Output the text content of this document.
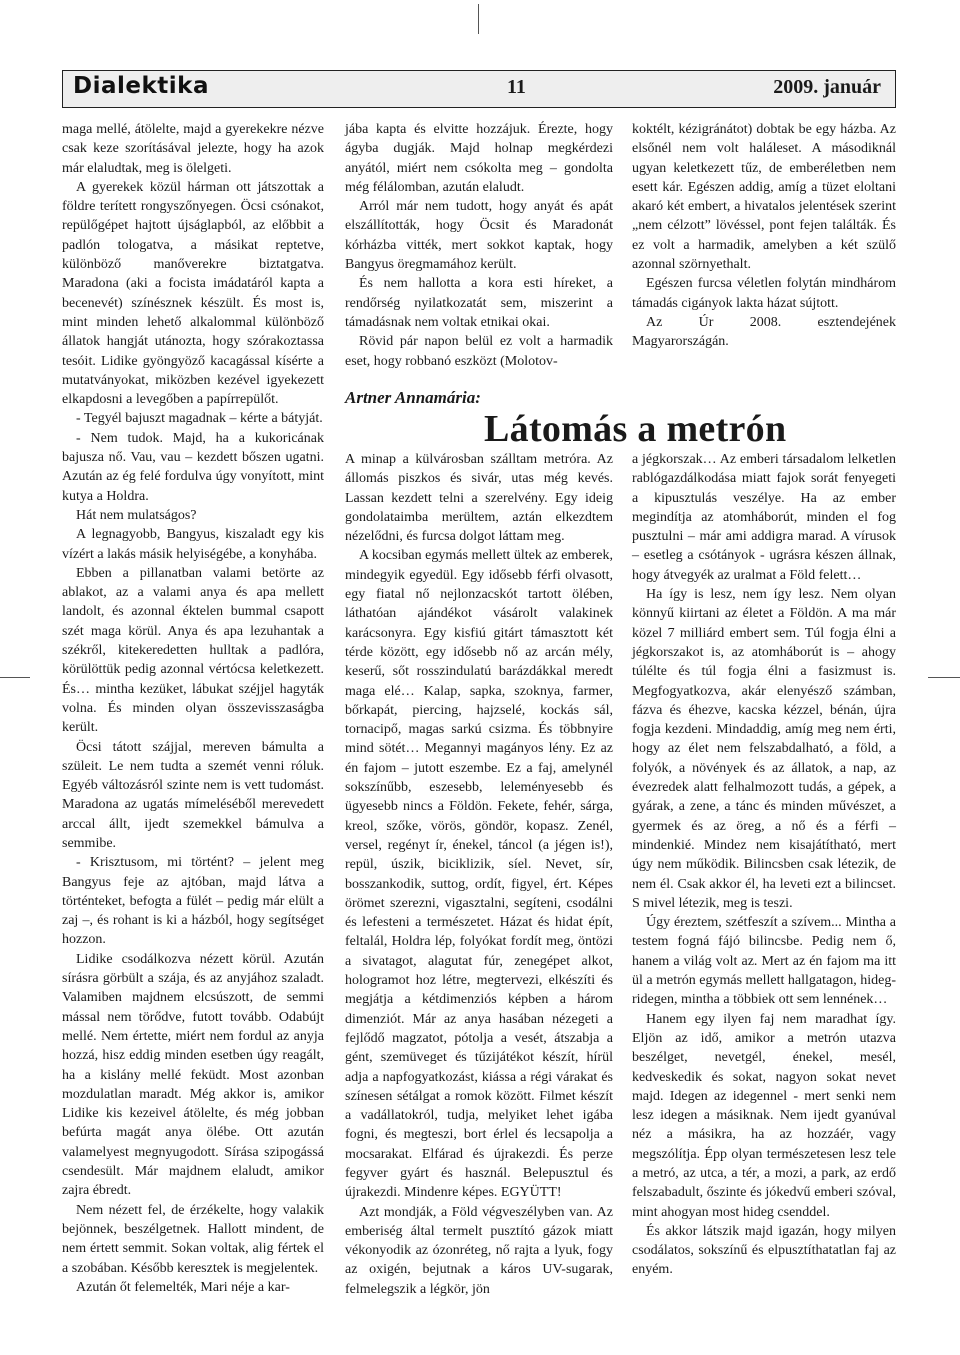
Dialektika	11	2009. január

maga mellé, átölelte, majd a gyerekekre nézve csak keze szorításával jelezte, hogy ha azok már elaludtak, meg is ölelgeti.

A gyerekek közül hárman ott játszottak a földre terített rongyszőnyegen. Öcsi csónakot, repülőgépet hajtott újságlapból, az előbbit a padlón tologatva, a másikat reptetve, különböző manőverekre biztatgatva. Maradona (aki a focista imádatáról kapta a becenevét) színésznek készült. És most is, mint minden lehető alkalommal különböző állatok hangját utánozta, hogy szórakoztassa tesóit. Lidike gyöngyöző kacagással kísérte a mutatványokat, miközben kezével igyekezett elkapdosni a levegőben a papírrepülőt.

- Tegyél bajuszt magadnak – kérte a bátyját.

- Nem tudok. Majd, ha a kukoricának bajusza nő. Vau, vau – kezdett bőszen ugatni. Azután az ég felé fordulva úgy vonyított, mint kutya a Holdra.

Hát nem mulatságos?

A legnagyobb, Bangyus, kiszaladt egy kis vízért a lakás másik helyiségébe, a konyhába.

Ebben a pillanatban valami betörte az ablakot, az a valami anya és apa mellett landolt, és azonnal éktelen bummal csapott szét maga körül. Anya és apa lezuhantak a székről, kitekeredetten hulltak a padlóra, körülöttük pedig azonnal vértócsa keletkezett. És… mintha kezüket, lábukat széjjel hagyták volna. És minden olyan összevisszaságba került.

Öcsi tátott szájjal, mereven bámulta a szüleit. Le nem tudta a szemét venni róluk. Egyéb változásról szinte nem is vett tudomást. Maradona az ugatás mímeléséből merevedett arccal állt, ijedt szemekkel bámulva a semmibe.

- Krisztusom, mi történt? – jelent meg Bangyus feje az ajtóban, majd látva a történteket, befogta a fülét – pedig már elült a zaj –, és rohant is ki a házból, hogy segítséget hozzon.

Lidike csodálkozva nézett körül. Azután sírásra görbült a szája, és az anyjához szaladt. Valamiben majdnem elcsúszott, de semmi mással nem törődve, futott tovább. Odabújt mellé. Nem értette, miért nem fordul az anyja hozzá, hisz eddig minden esetben úgy reagált, ha a kislány mellé feküdt. Most azonban mozdulatlan maradt. Még akkor is, amikor Lidike kis kezeivel átölelte, és még jobban befúrta magát anya ölébe. Ott azután valamelyest megnyugodott. Sírása szipogássá csendesült. Már majdnem elaludt, amikor zajra ébredt.

Nem nézett fel, de érzékelte, hogy valakik bejönnek, beszélgetnek. Hallott mindent, de nem értett semmit. Sokan voltak, alig fértek el a szobában. Később keresztek is megjelentek.

Azután őt felemelték, Mari néje a kar-

jába kapta és elvitte hozzájuk. Érezte, hogy ágyba dugják. Majd holnap megkérdezi anyától, miért nem csókolta meg – gondolta még félálomban, azután elaludt.

Arról már nem tudott, hogy anyát és apát elszállították, hogy Öcsit és Maradonát kórházba vitték, mert sokkot kaptak, hogy Bangyus öregmamához került.

És nem hallotta a kora esti híreket, a rendőrség nyilatkozatát sem, miszerint a támadásnak nem voltak etnikai okai.

Rövid pár napon belül ez volt a harmadik eset, hogy robbanó eszközt (Molotov-

koktélt, kézigránátot) dobtak be egy házba. Az elsőnél nem volt haláleset. A másodiknál ugyan keletkezett tűz, de emberéletben nem esett kár. Egészen addig, amíg a tüzet eloltani akaró két embert, a hivatalos jelentések szerint „nem célzott” lövéssel, pont fejen találták. És ez volt a harmadik, amelyben a két szülő azonnal szörnyethalt.

Egészen furcsa véletlen folytán mindhárom támadás cigányok lakta házat sújtott.

Az Úr 2008. esztendejének Magyarországán.

Artner Annamária:
Látomás a metrón

A minap a külvárosban szálltam metróra. Az állomás piszkos és sivár, utas még kevés. Lassan kezdett telni a szerelvény. Egy ideig gondolataimba merültem, aztán elkezdtem nézelődni, és furcsa dolgot láttam meg.

A kocsiban egymás mellett ültek az emberek, mindegyik egyedül. Egy idősebb férfi olvasott, egy fiatal nő nejlonzacskót tartott ölében, láthatóan ajándékot vásárolt valakinek karácsonyra. Egy kisfiú gitárt támasztott két térde között, egy idősebb nő az arcán mély, keserű, sőt rosszindulatú barázdákkal meredt maga elé… Kalap, sapka, szoknya, farmer, bőrkapát, piercing, hajzselé, kockás sál, tornacipő, magas sarkú csizma. És többnyire mind sötét… Megannyi magányos lény. Ez az én fajom – jutott eszembe. Ez a faj, amelynél sokszínűbb, eszesebb, leleményesebb és ügyesebb nincs a Földön. Fekete, fehér, sárga, kreol, szőke, vörös, göndör, kopasz. Zenél, versel, regényt ír, énekel, táncol (a jégen is!), repül, úszik, biciklizik, síel. Nevet, sír, bosszankodik, suttog, ordít, figyel, ért. Képes örömet szerezni, vigasztalni, segíteni, csodálni és lefesteni a természetet. Házat és hidat épít, feltalál, Holdra lép, folyókat fordít meg, öntözi a sivatagot, alagutat fúr, zenegépet alkot, hologramot hoz létre, megtervezi, elkészíti és megjátja a kétdimenziós képben a három dimenziót. Már az anya hasában nézegeti a fejlődő magzatot, pótolja a vesét, átszabja a gént, szemüveget és tűzijátékot készít, hírül adja a napfogyatkozást, kiássa a régi várakat és színesen sétálgat a romok között. Filmet készít a vadállatokról, tudja, melyiket lehet igába fogni, és megteszi, bort érlel és lecsapolja a mocsarakat. Elfárad és újrakezdi. És perze fegyver gyárt és használ. Belepusztul és újrakezdi. Mindenre képes. EGYÜTT!

Azt mondják, a Föld végveszélyben van. Az emberiség által termelt pusztító gázok miatt vékonyodik az ózonréteg, nő rajta a lyuk, fogy az oxigén, bejutnak a káros UV-sugarak, felmelegszik a légkör, jön

a jégkorszak… Az emberi társadalom lelketlen rablógazdálkodása miatt fajok sorát fenyegeti a kipusztulás veszélye. Ha az ember megindítja az atomháborút, minden el fog pusztulni – már ami addigra marad. A vírusok – esetleg a csótányok - ugrásra készen állnak, hogy átvegyék az uralmat a Föld felett…

Ha így is lesz, nem így lesz. Nem olyan könnyű kiirtani az életet a Földön. A ma már közel 7 milliárd embert sem. Túl fogja élni a jégkorszakot is, az atomháborút is – ahogy túlélte és túl fogja élni a fasizmust is. Megfogyatkozva, akár elenyésző számban, fázva és éhezve, kacska kézzel, bénán, újra fogja kezdeni. Mindaddig, amíg meg nem érti, hogy az élet nem felszabdalható, a föld, a folyók, a növények és az állatok, a nap, az évezredek alatt felhalmozott tudás, a gépek, a gyárak, a zene, a tánc és minden művészet, a gyermek és az öreg, a nő és a férfi – mindenkié. Mindez nem kisajátítható, mert úgy nem működik. Bilincsben csak létezik, de nem él. Csak akkor él, ha leveti ezt a bilincset. S mivel létezik, meg is teszi.

Úgy éreztem, szétfeszít a szívem... Mintha a testem fogná fájó bilincsbe. Pedig nem ő, hanem a világ volt az. Mert az én fajom ma itt ül a metrón egymás mellett hallgatagon, hideg-ridegen, mintha a többiek ott sem lennének…

Hanem egy ilyen faj nem maradhat így. Eljön az idő, amikor a metrón utazva beszélget, nevetgél, énekel, mesél, kedveskedik és sokat, nagyon sokat nevet majd. Idegen az idegennel - mert senki nem lesz idegen a másiknak. Nem ijedt gyanúval néz a másikra, ha az hozzáér, vagy megszólítja. Épp olyan természetesen lesz tele a metró, az utca, a tér, a mozi, a park, az erdő felszabadult, őszinte és jókedvű emberi szóval, mint ahogyan most hideg csenddel.

És akkor látszik majd igazán, hogy milyen csodálatos, sokszínű és elpusztíthatatlan faj az enyém.
